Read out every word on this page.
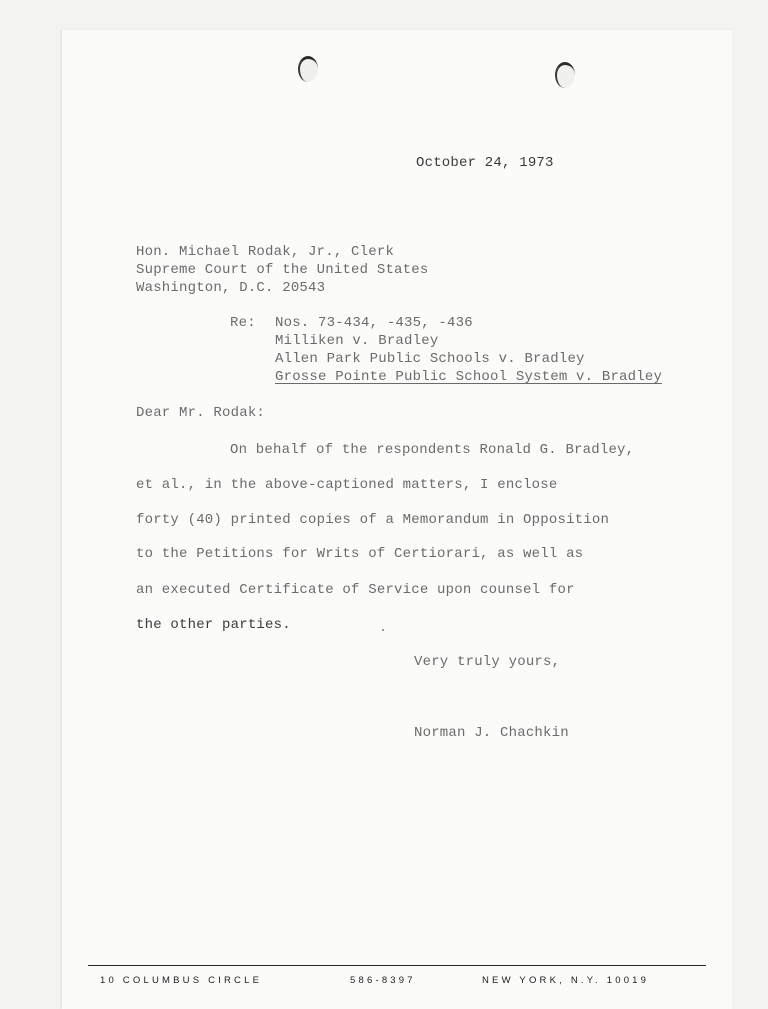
October 24, 1973
Hon. Michael Rodak, Jr., Clerk
Supreme Court of the United States
Washington, D.C. 20543
Re: Nos. 73-434, -435, -436
Milliken v. Bradley
Allen Park Public Schools v. Bradley
Grosse Pointe Public School System v. Bradley
Dear Mr. Rodak:
On behalf of the respondents Ronald G. Bradley,
et al., in the above-captioned matters, I enclose
forty (40) printed copies of a Memorandum in Opposition
to the Petitions for Writs of Certiorari, as well as
an executed Certificate of Service upon counsel for
the other parties.
Very truly yours,
Norman J. Chachkin
10 COLUMBUS CIRCLE	586-8397	NEW YORK, N.Y. 10019
